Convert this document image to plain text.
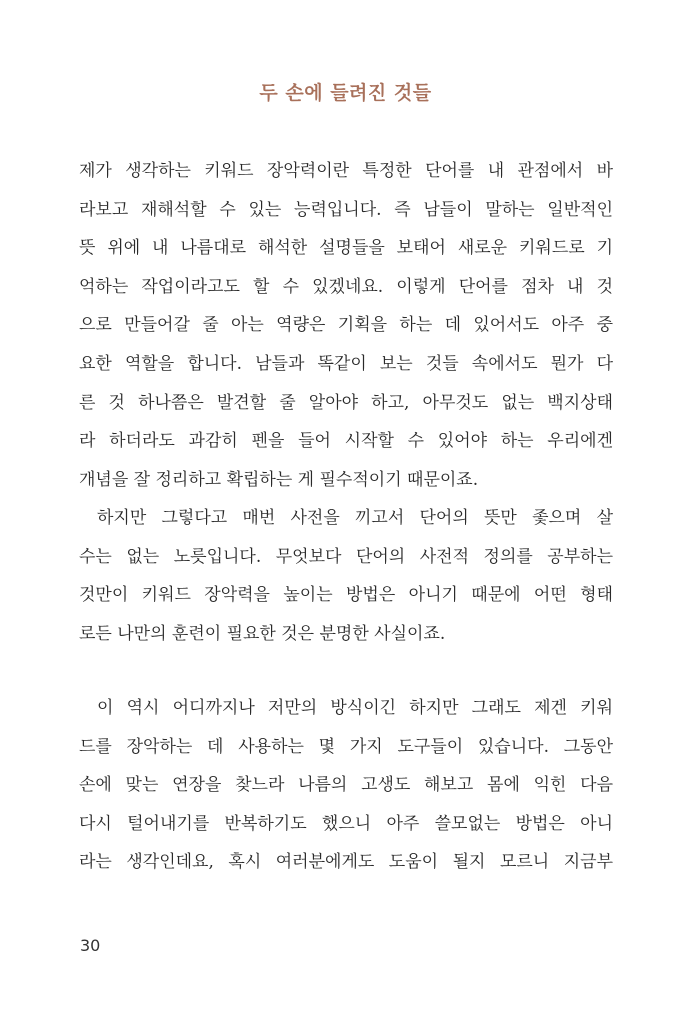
두 손에 들려진 것들
제가 생각하는 키워드 장악력이란 특정한 단어를 내 관점에서 바
라보고 재해석할 수 있는 능력입니다. 즉 남들이 말하는 일반적인
뜻 위에 내 나름대로 해석한 설명들을 보태어 새로운 키워드로 기
억하는 작업이라고도 할 수 있겠네요. 이렇게 단어를 점차 내 것
으로 만들어갈 줄 아는 역량은 기획을 하는 데 있어서도 아주 중
요한 역할을 합니다. 남들과 똑같이 보는 것들 속에서도 뭔가 다
른 것 하나쯤은 발견할 줄 알아야 하고, 아무것도 없는 백지상태
라 하더라도 과감히 펜을 들어 시작할 수 있어야 하는 우리에겐
개념을 잘 정리하고 확립하는 게 필수적이기 때문이죠.
하지만 그렇다고 매번 사전을 끼고서 단어의 뜻만 좇으며 살
수는 없는 노릇입니다. 무엇보다 단어의 사전적 정의를 공부하는
것만이 키워드 장악력을 높이는 방법은 아니기 때문에 어떤 형태
로든 나만의 훈련이 필요한 것은 분명한 사실이죠.
이 역시 어디까지나 저만의 방식이긴 하지만 그래도 제겐 키워
드를 장악하는 데 사용하는 몇 가지 도구들이 있습니다. 그동안
손에 맞는 연장을 찾느라 나름의 고생도 해보고 몸에 익힌 다음
다시 털어내기를 반복하기도 했으니 아주 쓸모없는 방법은 아니
라는 생각인데요, 혹시 여러분에게도 도움이 될지 모르니 지금부
30
